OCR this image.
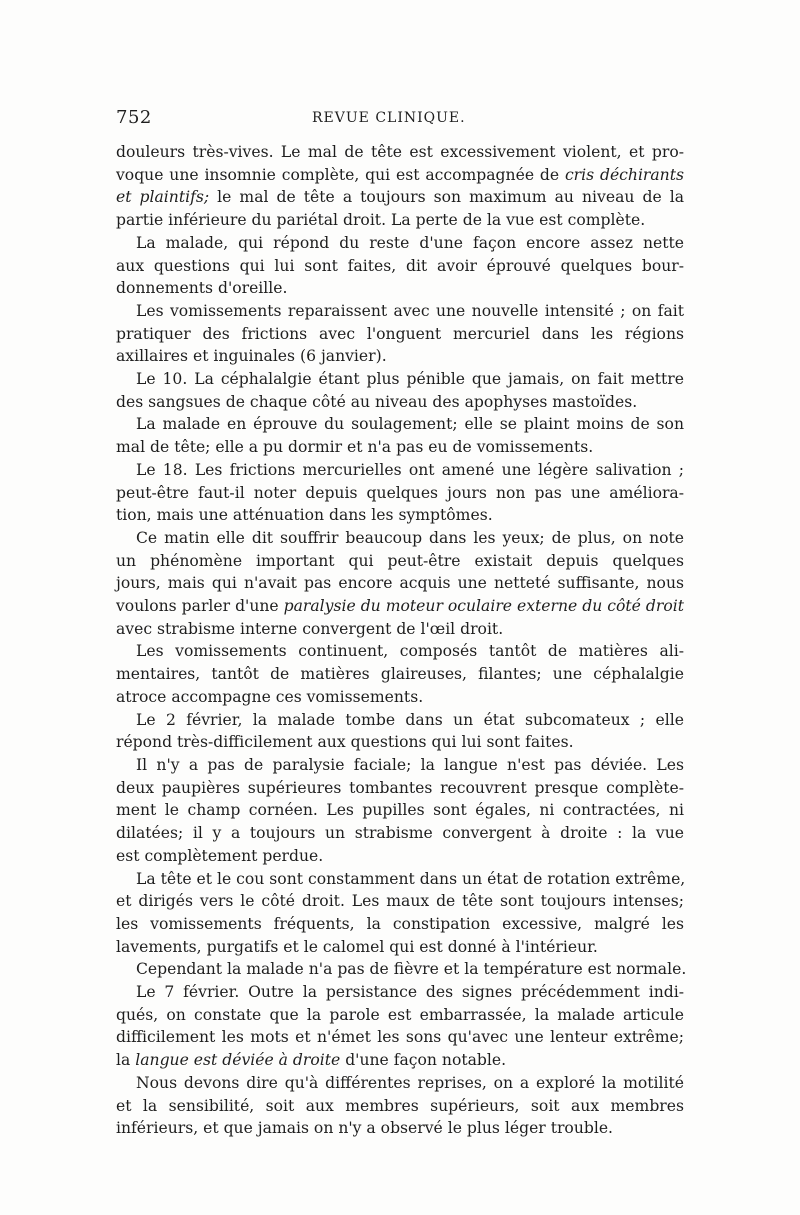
752	REVUE CLINIQUE.

douleurs très-vives. Le mal de tête est excessivement violent, et pro-
voque une insomnie complète, qui est accompagnée de cris déchirants
et plaintifs; le mal de tête a toujours son maximum au niveau de la
partie inférieure du pariétal droit. La perte de la vue est complète.

La malade, qui répond du reste d'une façon encore assez nette
aux questions qui lui sont faites, dit avoir éprouvé quelques bour-
donnements d'oreille.

Les vomissements reparaissent avec une nouvelle intensité ; on fait
pratiquer des frictions avec l'onguent mercuriel dans les régions
axillaires et inguinales (6 janvier).

Le 10. La céphalalgie étant plus pénible que jamais, on fait mettre
des sangsues de chaque côté au niveau des apophyses mastoïdes.

La malade en éprouve du soulagement; elle se plaint moins de son
mal de tête; elle a pu dormir et n'a pas eu de vomissements.

Le 18. Les frictions mercurielles ont amené une légère salivation ;
peut-être faut-il noter depuis quelques jours non pas une améliora-
tion, mais une atténuation dans les symptômes.

Ce matin elle dit souffrir beaucoup dans les yeux; de plus, on note
un phénomène important qui peut-être existait depuis quelques
jours, mais qui n'avait pas encore acquis une netteté suffisante, nous
voulons parler d'une paralysie du moteur oculaire externe du côté droit
avec strabisme interne convergent de l'œil droit.

Les vomissements continuent, composés tantôt de matières ali-
mentaires, tantôt de matières glaireuses, filantes; une céphalalgie
atroce accompagne ces vomissements.

Le 2 février, la malade tombe dans un état subcomateux ; elle
répond très-difficilement aux questions qui lui sont faites.

Il n'y a pas de paralysie faciale; la langue n'est pas déviée. Les
deux paupières supérieures tombantes recouvrent presque complète-
ment le champ cornéen. Les pupilles sont égales, ni contractées, ni
dilatées; il y a toujours un strabisme convergent à droite : la vue
est complètement perdue.

La tête et le cou sont constamment dans un état de rotation extrême,
et dirigés vers le côté droit. Les maux de tête sont toujours intenses;
les vomissements fréquents, la constipation excessive, malgré les
lavements, purgatifs et le calomel qui est donné à l'intérieur.

Cependant la malade n'a pas de fièvre et la température est normale.

Le 7 février. Outre la persistance des signes précédemment indi-
qués, on constate que la parole est embarrassée, la malade articule
difficilement les mots et n'émet les sons qu'avec une lenteur extrême;
la langue est déviée à droite d'une façon notable.

Nous devons dire qu'à différentes reprises, on a exploré la motilité
et la sensibilité, soit aux membres supérieurs, soit aux membres
inférieurs, et que jamais on n'y a observé le plus léger trouble.
